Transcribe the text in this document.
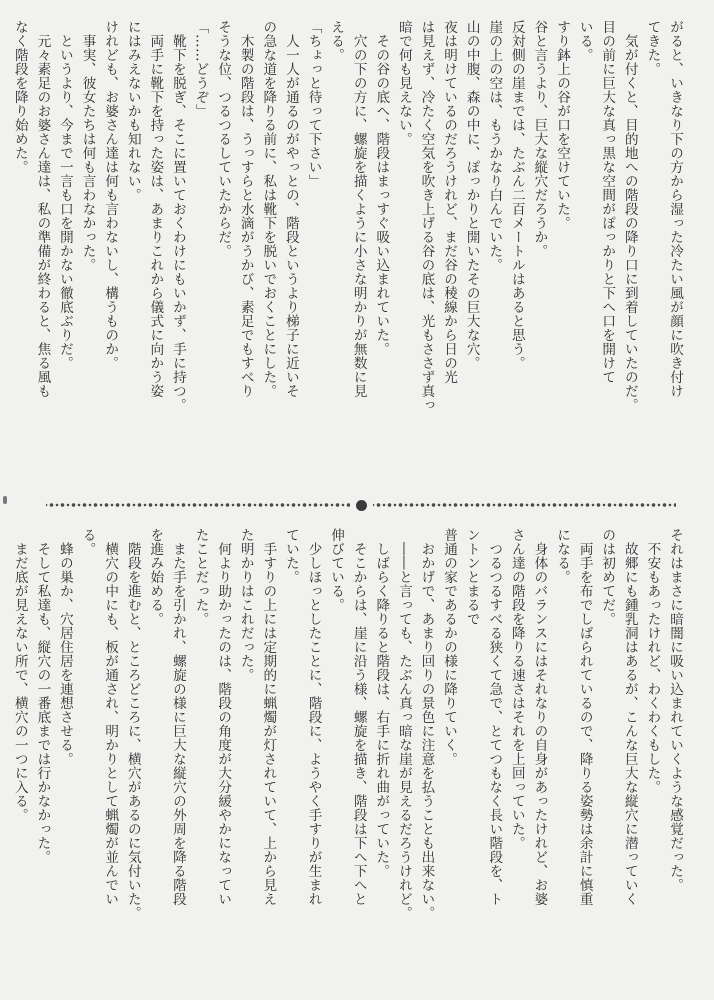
がると、いきなり下の方から湿った冷たい風が顔に吹き付け
てきた。
　気が付くと、目的地への階段の降り口に到着していたのだ。
目の前に巨大な真っ黒な空間がぽっかりと下へ口を開けて
いる。
すり鉢上の谷が口を空けていた。
谷と言うより、巨大な縦穴だろうか。
反対側の崖までは、たぶん二百メートルはあると思う。
崖の上の空は、もうかなり白んでいた。
山の中腹、森の中に、ぽっかりと開いたその巨大な穴。
夜は明けているのだろうけれど、まだ谷の稜線から日の光
は見えず、冷たく空気を吹き上げる谷の底は、光もささず真っ
暗で何も見えない。
　その谷の底へ、階段はまっすぐ吸い込まれていた。
　穴の下の方に、螺旋を描くように小さな明かりが無数に見
える。
「ちょっと待って下さい」
　人一人が通るのがやっとの、階段というより梯子に近いそ
の急な道を降りる前に、私は靴下を脱いでおくことにした。
　木製の階段は、うっすらと水滴がうかび、素足でもすべり
そうな位、つるつるしていたからだ。
「……どうぞ」
　靴下を脱ぎ、そこに置いておくわけにもいかず、手に持つ。
　両手に靴下を持った姿は、あまりこれから儀式に向かう姿
にはみえないかも知れない。
けれども、お婆さん達は何も言わないし、構うものか。
　事実、彼女たちは何も言わなかった。
　というより、今まで一言も口を開かない徹底ぶりだ。
　元々素足のお婆さん達は、私の準備が終わると、焦る風も
なく階段を降り始めた。
それはまさに暗闇に吸い込まれていくような感覚だった。
　不安もあったけれど、わくわくもした。
　故郷にも鍾乳洞はあるが、こんな巨大な縦穴に潜っていく
のは初めてだ。
　両手を布でしばられているので、降りる姿勢は余計に慎重
になる。
　身体のバランスにはそれなりの自身があったけれど、お婆
さん達の階段を降りる速さはそれを上回っていた。
　つるつるすべる狭くて急で、とてつもなく長い階段を、ト
ントンとまるで
普通の家であるかの様に降りていく。
　おかげで、あまり回りの景色に注意を払うことも出来ない。
　――と言っても、たぶん真っ暗な崖が見えるだろうけれど。
　しばらく降りると階段は、右手に折れ曲がっていた。
　そこからは、崖に沿う様、螺旋を描き、階段は下へ下へと
伸びている。
　少しほっとしたことに、階段に、ようやく手すりが生まれ
ていた。
　手すりの上には定期的に蝋燭が灯されていて、上から見え
た明かりはこれだった。
　何より助かったのは、階段の角度が大分緩やかになってい
たことだった。
　また手を引かれ、螺旋の様に巨大な縦穴の外周を降る階段
を進み始める。
　階段を進むと、ところどころに、横穴があるのに気付いた。
　横穴の中にも、板が通され、明かりとして蝋燭が並んでい
る。
　蜂の巣か、穴居住居を連想させる。
　そして私達も、縦穴の一番底までは行かなかった。
　まだ底が見えない所で、横穴の一つに入る。
